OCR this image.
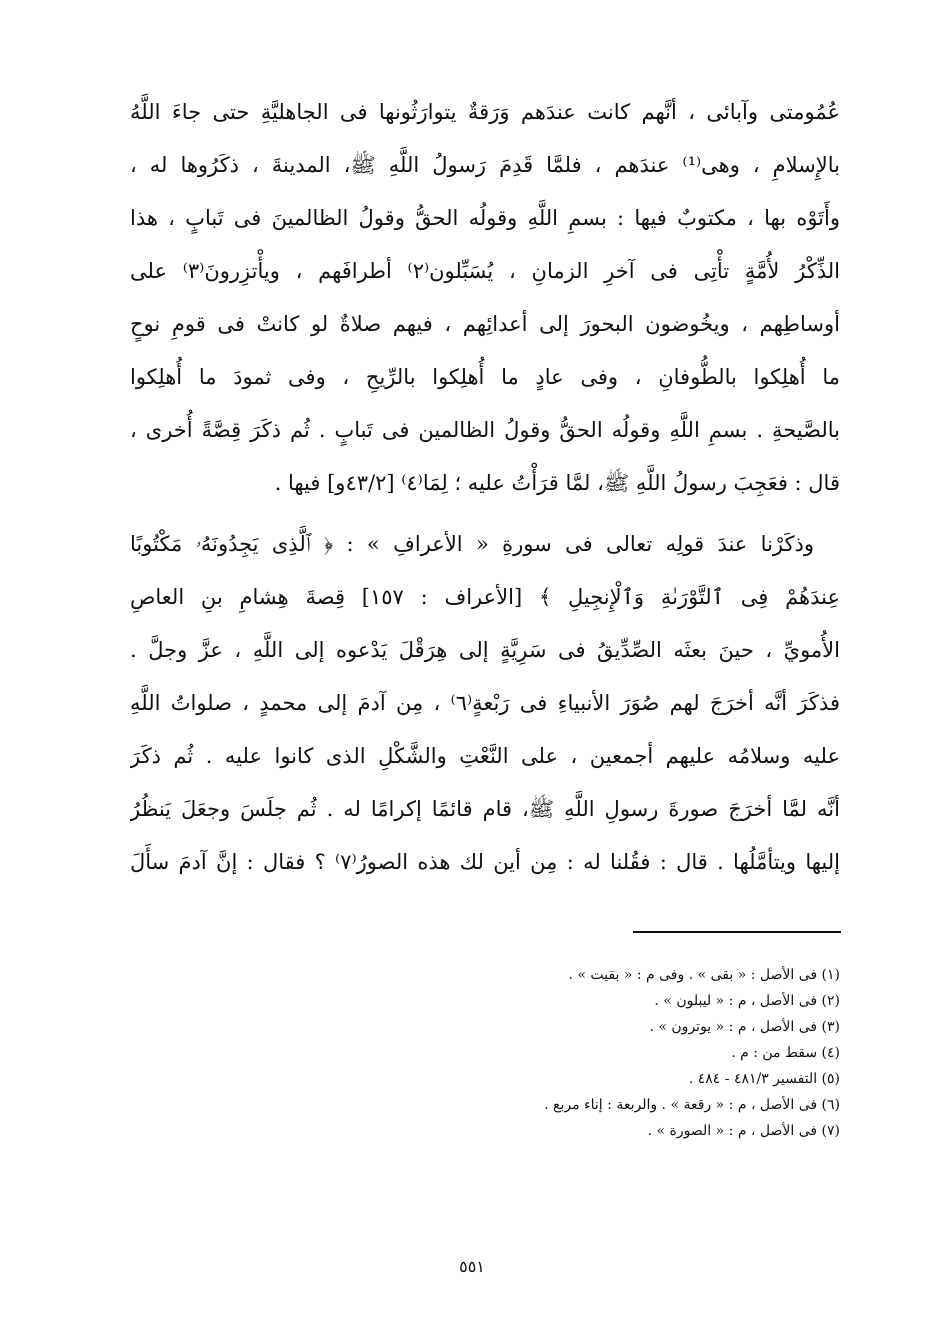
عُمُومتى وآبائى ، أنَّهم كانت عندَهم وَرَقةٌ يتوارَثُونها فى الجاهليَّةِ حتى جاءَ اللَّهُ
بالإِسلامِ ، وهى⁽¹⁾ عندَهم ، فلمَّا قَدِمَ رَسولُ اللَّهِ ﷺ، المدينةَ ، ذكَرُوها له ،
وأَتَوْه بها ، مكتوبٌ فيها : بسمِ اللَّهِ وقولُه الحقُّ وقولُ الظالمينَ فى تَبابٍ ، هذا
الذِّكْرُ لأُمَّةٍ تأْتِى فى آخرِ الزمانِ ، يُسَبِّلون⁽٢⁾ أطرافَهم ، ويأْتزِرونَ⁽٣⁾ على
أوساطِهم ، ويخُوضون البحورَ إلى أعدائِهم ، فيهم صلاةٌ لو كانتْ فى قومِ نوحٍ
ما أُهلِكوا بالطُّوفانِ ، وفى عادٍ ما أُهلِكوا بالرِّيحِ ، وفى ثمودَ ما أُهلِكوا
بالصَّيحةِ . بسمِ اللَّهِ وقولُه الحقُّ وقولُ الظالمين فى تَبابٍ . ثُم ذكَرَ قِصَّةً أُخرى ،
قال : فعَجِبَ رسولُ اللَّهِ ﷺ، لمَّا قرَأْتُ عليه ؛ لِمَا⁽٤⁾ [٤٣/٢و] فيها .
وذكَرْنا عندَ قولِه تعالى فى سورةِ « الأعرافِ » : ﴿ ٱلَّذِى يَجِدُونَهُۥ مَكْتُوبًا
عِندَهُمْ فِى ٱلتَّوْرَىٰةِ وَٱلْإِنجِيلِ ﴾ [الأعراف : ١٥٧] قِصةَ هِشامِ بنِ العاصِ
الأُمويِّ ، حينَ بعثَه الصِّدِّيقُ فى سَرِيَّةٍ إلى هِرَقْلَ يَدْعوه إلى اللَّهِ ، عزَّ وجلَّ .
فذكَرَ أنَّه أخرَجَ لهم صُوَرَ الأنبياءِ فى رَبْعةٍ⁽٦⁾ ، مِن آدمَ إلى محمدٍ ، صلواتُ اللَّهِ
عليه وسلامُه عليهم أجمعين ، على النَّعْتِ والشَّكْلِ الذى كانوا عليه . ثُم ذكَرَ
أنَّه لمَّا أخرَجَ صورةَ رسولِ اللَّهِ ﷺ، قام قائمًا إكرامًا له . ثُم جلَسَ وجعَلَ يَنظُرُ
إليها ويتأمَّلُها . قال : فقُلنا له : مِن أين لك هذه الصورُ⁽٧⁾ ؟ فقال : إنَّ آدمَ سأَلَ
(١) فى الأصل : « بقى » . وفى م : « بقيت » .
(٢) فى الأصل ، م : « ليبلون » .
(٣) فى الأصل ، م : « يوترون » .
(٤) سقط من : م .
(٥) التفسير ٤٨١/٣ - ٤٨٤ .
(٦) فى الأصل ، م : « رقعة » . والربعة : إناء مربع .
(٧) فى الأصل ، م : « الصورة » .
٥٥١
